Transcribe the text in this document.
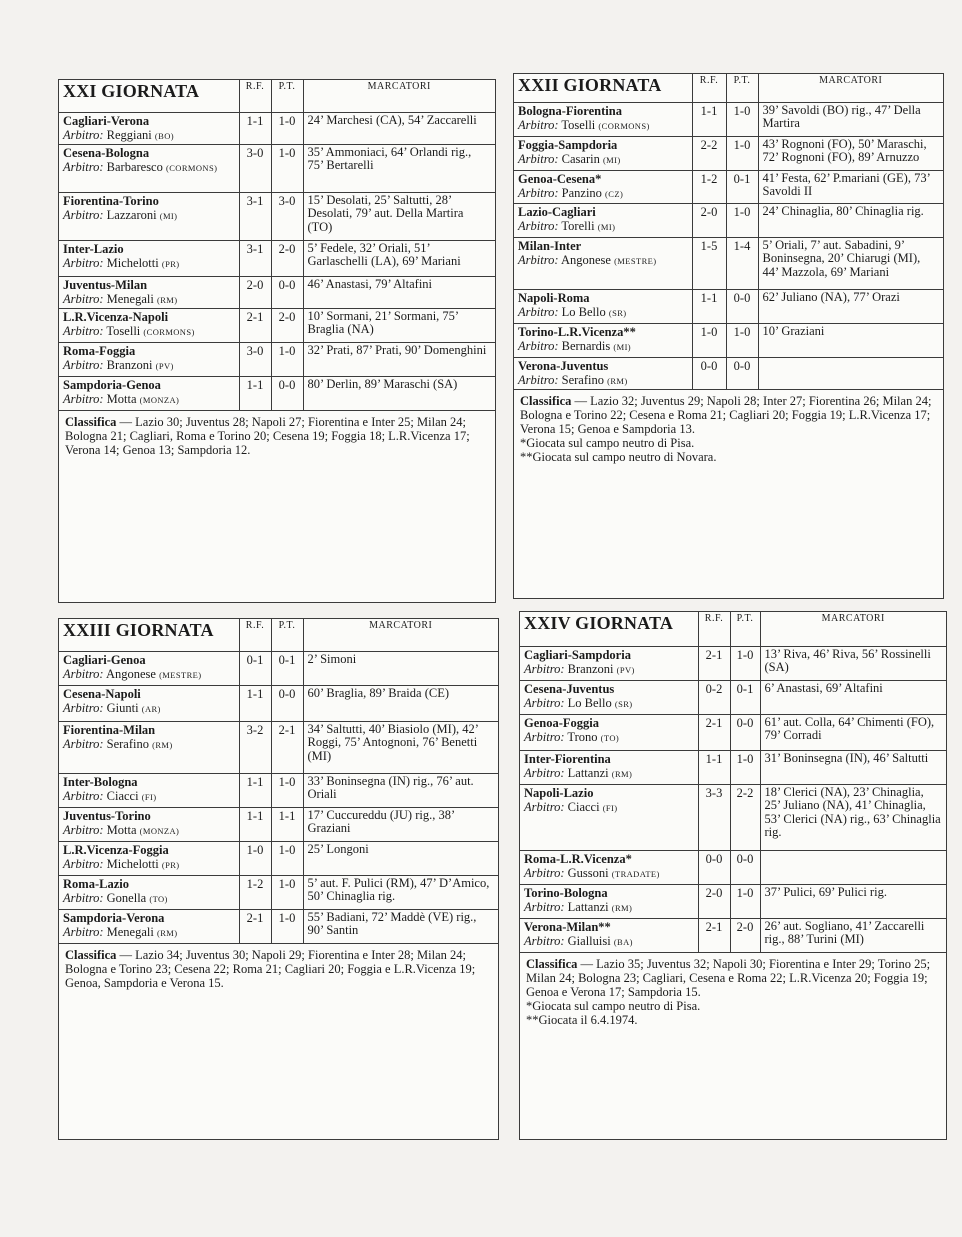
XXI GIORNATA	R.F.	P.T.	MARCATORI

Cagliari-Verona
Arbitro: Reggiani (BO)	1-1	1-0	24’ Marchesi (CA), 54’ Zaccarelli

Cesena-Bologna
Arbitro: Barbaresco (CORMONS)	3-0	1-0	35’ Ammoniaci, 64’ Orlandi rig., 75’ Bertarelli

Fiorentina-Torino
Arbitro: Lazzaroni (MI)	3-1	3-0	15’ Desolati, 25’ Saltutti, 28’ Desolati, 79’ aut. Della Martira (TO)

Inter-Lazio
Arbitro: Michelotti (PR)	3-1	2-0	5’ Fedele, 32’ Oriali, 51’ Garlaschelli (LA), 69’ Mariani

Juventus-Milan
Arbitro: Menegali (RM)	2-0	0-0	46’ Anastasi, 79’ Altafini

L.R.Vicenza-Napoli
Arbitro: Toselli (CORMONS)	2-1	2-0	10’ Sormani, 21’ Sormani, 75’ Braglia (NA)

Roma-Foggia
Arbitro: Branzoni (PV)	3-0	1-0	32’ Prati, 87’ Prati, 90’ Domenghini

Sampdoria-Genoa
Arbitro: Motta (MONZA)	1-1	0-0	80’ Derlin, 89’ Maraschi (SA)
Classifica — Lazio 30; Juventus 28; Napoli 27; Fiorentina e Inter 25; Milan 24; Bologna 21; Cagliari, Roma e Torino 20; Cesena 19; Foggia 18; L.R.Vicenza 17; Verona 14; Genoa 13; Sampdoria 12.
XXII GIORNATA	R.F.	P.T.	MARCATORI

Bologna-Fiorentina
Arbitro: Toselli (CORMONS)	1-1	1-0	39’ Savoldi (BO) rig., 47’ Della Martira

Foggia-Sampdoria
Arbitro: Casarin (MI)	2-2	1-0	43’ Rognoni (FO), 50’ Maraschi, 72’ Rognoni (FO), 89’ Arnuzzo

Genoa-Cesena*
Arbitro: Panzino (CZ)	1-2	0-1	41’ Festa, 62’ P.mariani (GE), 73’ Savoldi II

Lazio-Cagliari
Arbitro: Torelli (MI)	2-0	1-0	24’ Chinaglia, 80’ Chinaglia rig.

Milan-Inter
Arbitro: Angonese (MESTRE)	1-5	1-4	5’ Oriali, 7’ aut. Sabadini, 9’ Boninsegna, 20’ Chiarugi (MI), 44’ Mazzola, 69’ Mariani

Napoli-Roma
Arbitro: Lo Bello (SR)	1-1	0-0	62’ Juliano (NA), 77’ Orazi

Torino-L.R.Vicenza**
Arbitro: Bernardis (MI)	1-0	1-0	10’ Graziani

Verona-Juventus
Arbitro: Serafino (RM)	0-0	0-0	
Classifica — Lazio 32; Juventus 29; Napoli 28; Inter 27; Fiorentina 26; Milan 24; Bologna e Torino 22; Cesena e Roma 21; Cagliari 20; Foggia 19; L.R.Vicenza 17; Verona 15; Genoa e Sampdoria 13.
*Giocata sul campo neutro di Pisa.
**Giocata sul campo neutro di Novara.
XXIII GIORNATA	R.F.	P.T.	MARCATORI

Cagliari-Genoa
Arbitro: Angonese (MESTRE)	0-1	0-1	2’ Simoni

Cesena-Napoli
Arbitro: Giunti (AR)	1-1	0-0	60’ Braglia, 89’ Braida (CE)

Fiorentina-Milan
Arbitro: Serafino (RM)	3-2	2-1	34’ Saltutti, 40’ Biasiolo (MI), 42’ Roggi, 75’ Antognoni, 76’ Benetti (MI)

Inter-Bologna
Arbitro: Ciacci (FI)	1-1	1-0	33’ Boninsegna (IN) rig., 76’ aut. Oriali

Juventus-Torino
Arbitro: Motta (MONZA)	1-1	1-1	17’ Cuccureddu (JU) rig., 38’ Graziani

L.R.Vicenza-Foggia
Arbitro: Michelotti (PR)	1-0	1-0	25’ Longoni

Roma-Lazio
Arbitro: Gonella (TO)	1-2	1-0	5’ aut. F. Pulici (RM), 47’ D’Amico, 50’ Chinaglia rig.

Sampdoria-Verona
Arbitro: Menegali (RM)	2-1	1-0	55’ Badiani, 72’ Maddè (VE) rig., 90’ Santin
Classifica — Lazio 34; Juventus 30; Napoli 29; Fiorentina e Inter 28; Milan 24; Bologna e Torino 23; Cesena 22; Roma 21; Cagliari 20; Foggia e L.R.Vicenza 19; Genoa, Sampdoria e Verona 15.
XXIV GIORNATA	R.F.	P.T.	MARCATORI

Cagliari-Sampdoria
Arbitro: Branzoni (PV)	2-1	1-0	13’ Riva, 46’ Riva, 56’ Rossinelli (SA)

Cesena-Juventus
Arbitro: Lo Bello (SR)	0-2	0-1	6’ Anastasi, 69’ Altafini

Genoa-Foggia
Arbitro: Trono (TO)	2-1	0-0	61’ aut. Colla, 64’ Chimenti (FO), 79’ Corradi

Inter-Fiorentina
Arbitro: Lattanzi (RM)	1-1	1-0	31’ Boninsegna (IN), 46’ Saltutti

Napoli-Lazio
Arbitro: Ciacci (FI)	3-3	2-2	18’ Clerici (NA), 23’ Chinaglia, 25’ Juliano (NA), 41’ Chinaglia, 53’ Clerici (NA) rig., 63’ Chinaglia rig.

Roma-L.R.Vicenza*
Arbitro: Gussoni (TRADATE)	0-0	0-0	

Torino-Bologna
Arbitro: Lattanzi (RM)	2-0	1-0	37’ Pulici, 69’ Pulici rig.

Verona-Milan**
Arbitro: Gialluisi (BA)	2-1	2-0	26’ aut. Sogliano, 41’ Zaccarelli rig., 88’ Turini (MI)
Classifica — Lazio 35; Juventus 32; Napoli 30; Fiorentina e Inter 29; Torino 25; Milan 24; Bologna 23; Cagliari, Cesena e Roma 22; L.R.Vicenza 20; Foggia 19; Genoa e Verona 17; Sampdoria 15.
*Giocata sul campo neutro di Pisa.
**Giocata il 6.4.1974.
